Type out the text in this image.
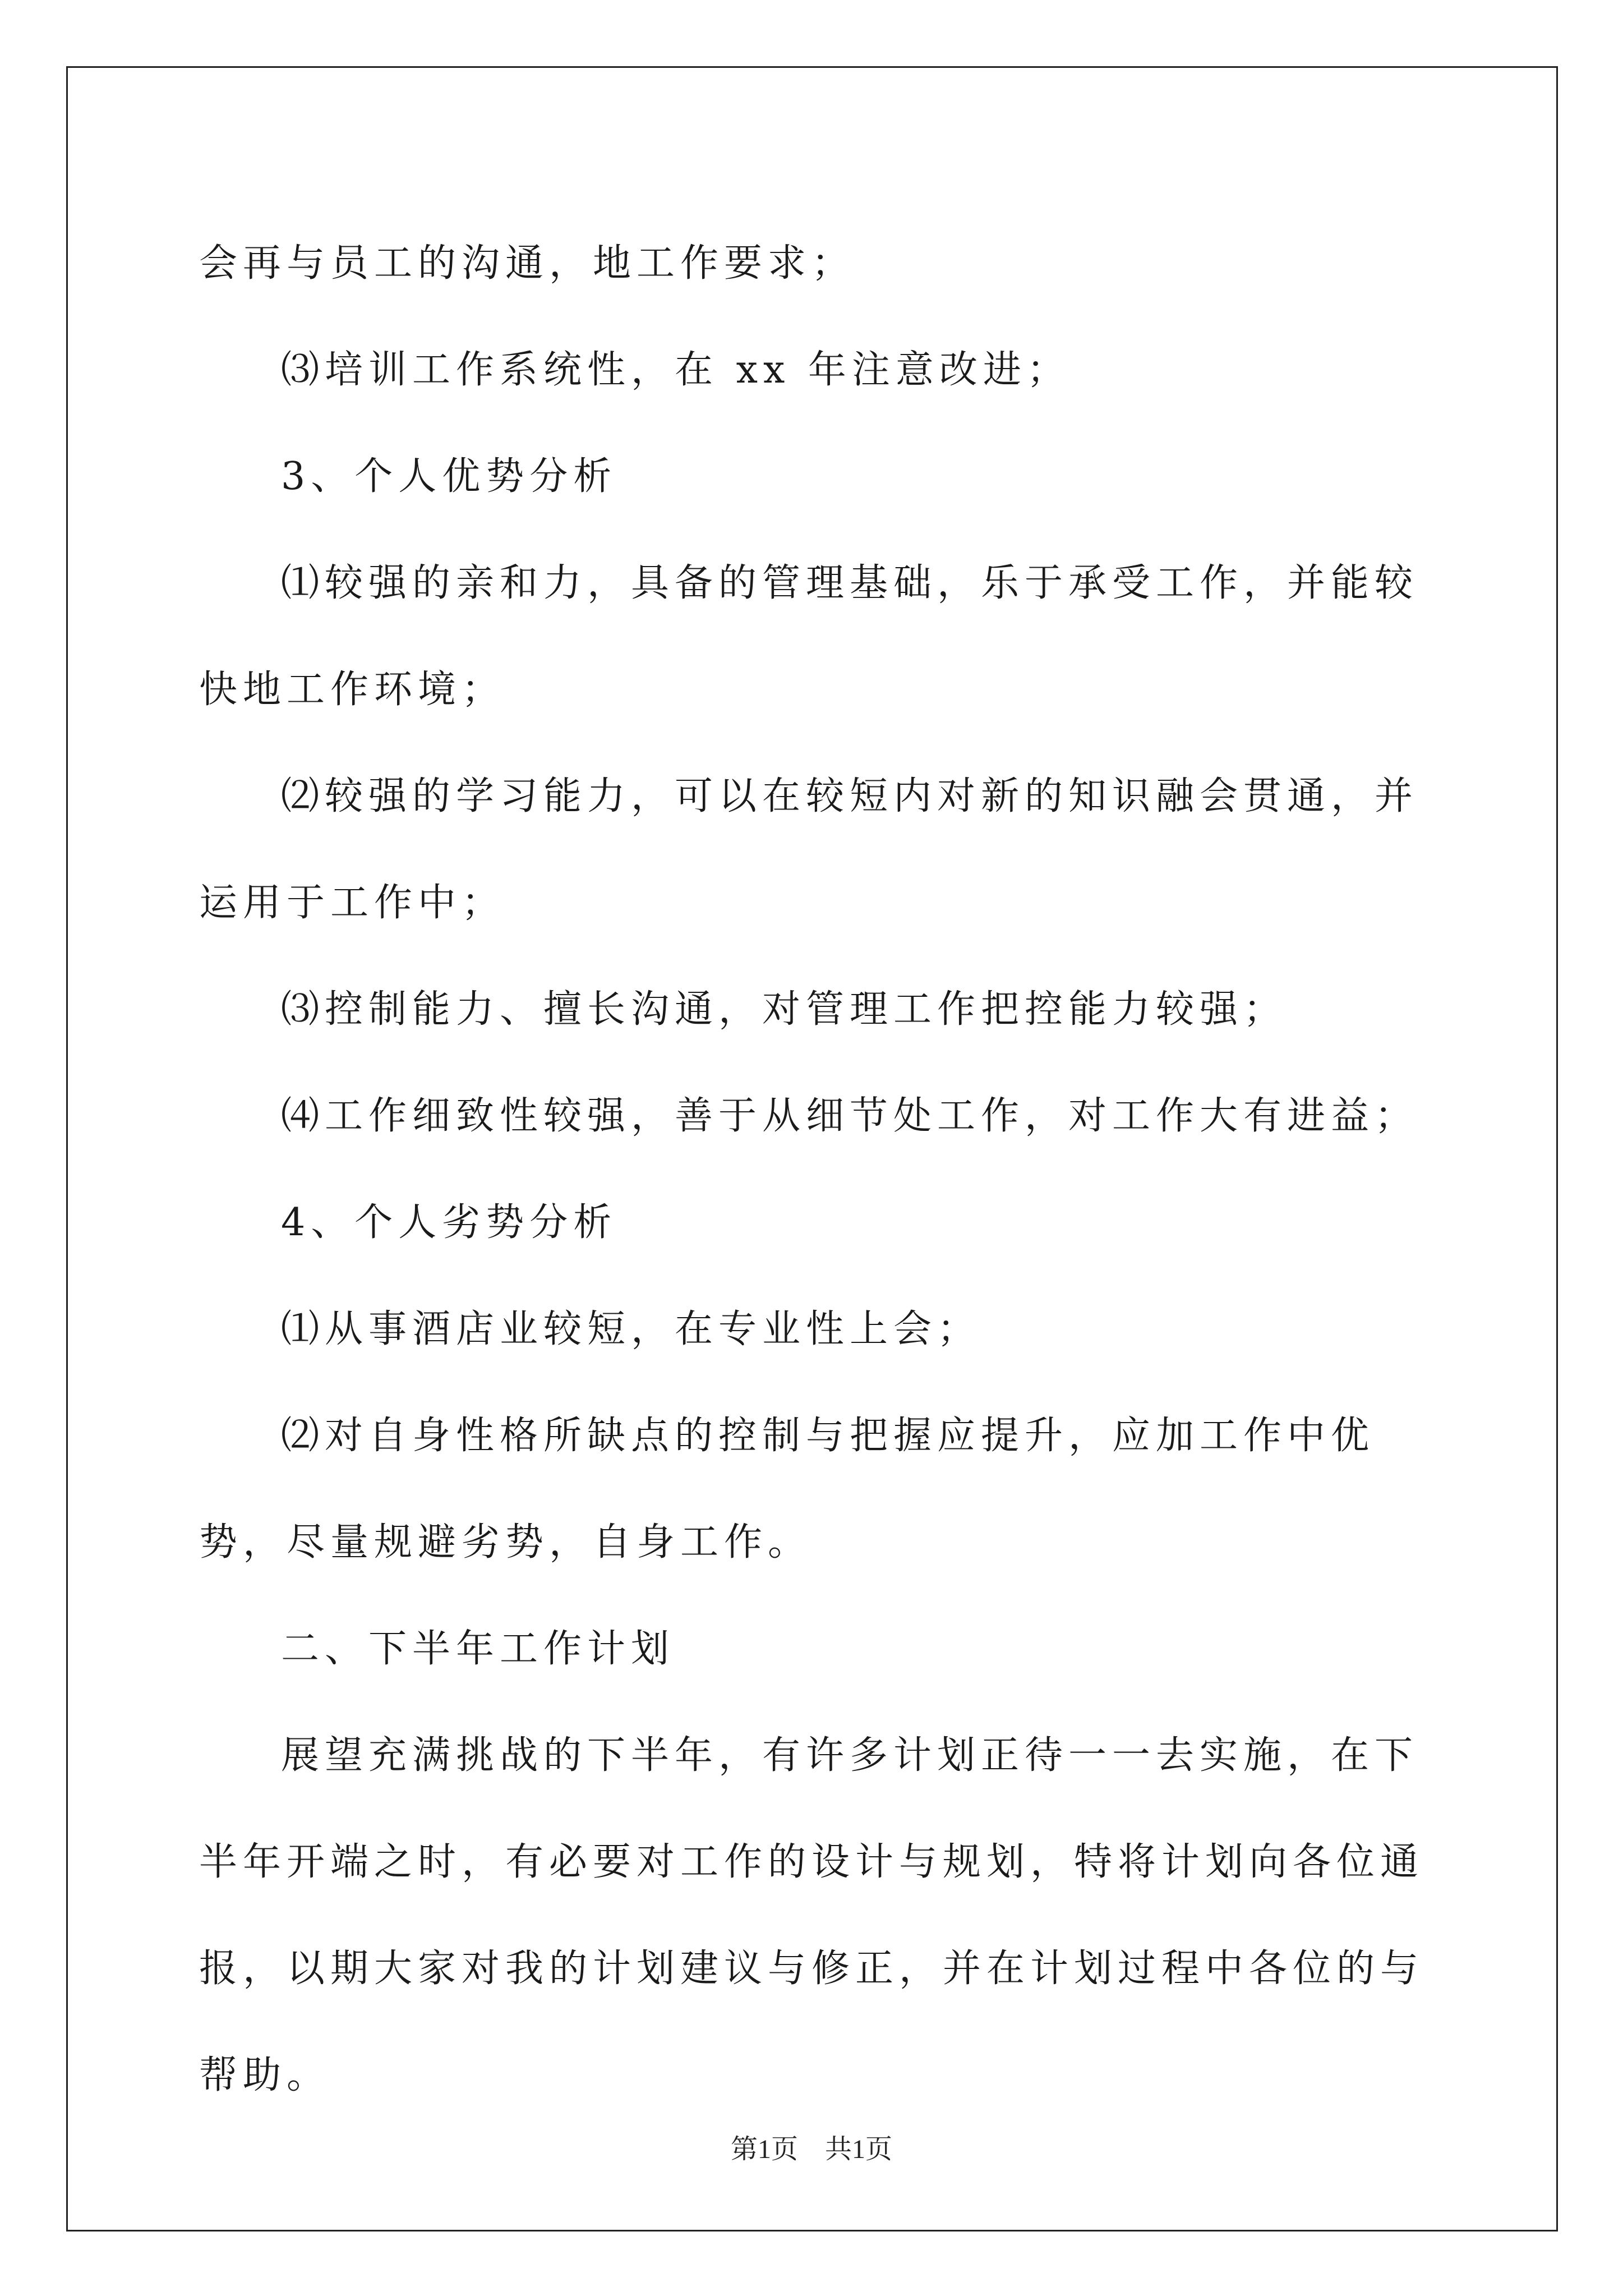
会再与员工的沟通，地工作要求；

⑶培训工作系统性，在 xx 年注意改进；

3、个人优势分析

⑴较强的亲和力，具备的管理基础，乐于承受工作，并能较快地工作环境；

⑵较强的学习能力，可以在较短内对新的知识融会贯通，并运用于工作中；

⑶控制能力、擅长沟通，对管理工作把控能力较强；

⑷工作细致性较强，善于从细节处工作，对工作大有进益；

4、个人劣势分析

⑴从事酒店业较短，在专业性上会；

⑵对自身性格所缺点的控制与把握应提升，应加工作中优势，尽量规避劣势，自身工作。

二、下半年工作计划

展望充满挑战的下半年，有许多计划正待一一去实施，在下半年开端之时，有必要对工作的设计与规划，特将计划向各位通报，以期大家对我的计划建议与修正，并在计划过程中各位的与帮助。

第1页　共1页
